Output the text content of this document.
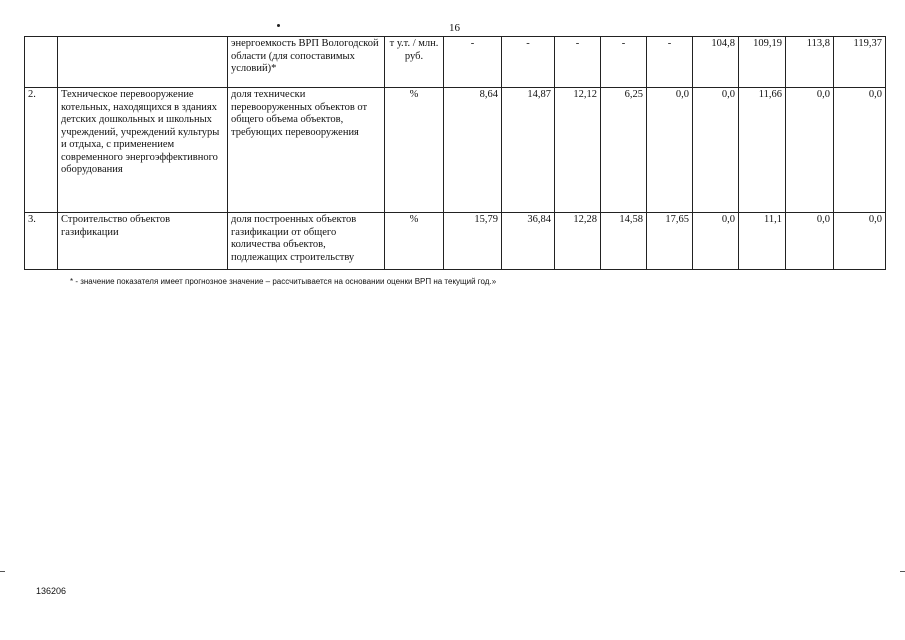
16
		энергоемкость ВРП Вологодской области (для сопоставимых условий)*	т у.т. / млн. руб.	-	-	-	-	-	104,8	109,19	113,8	119,37
2.	Техническое перевооружение котельных, находящихся в зданиях детских дошкольных и школьных учреждений, учреждений культуры и отдыха, с применением современного энергоэффективного оборудования	доля технически перевооруженных объектов от общего объема объектов, требующих перевооружения	%	8,64	14,87	12,12	6,25	0,0	0,0	11,66	0,0	0,0
3.	Строительство объектов газификации	доля построенных объектов газификации от общего количества объектов, подлежащих строительству	%	15,79	36,84	12,28	14,58	17,65	0,0	11,1	0,0	0,0
* - значение показателя имеет прогнозное значение – рассчитывается на основании оценки ВРП на текущий год.»
136206
